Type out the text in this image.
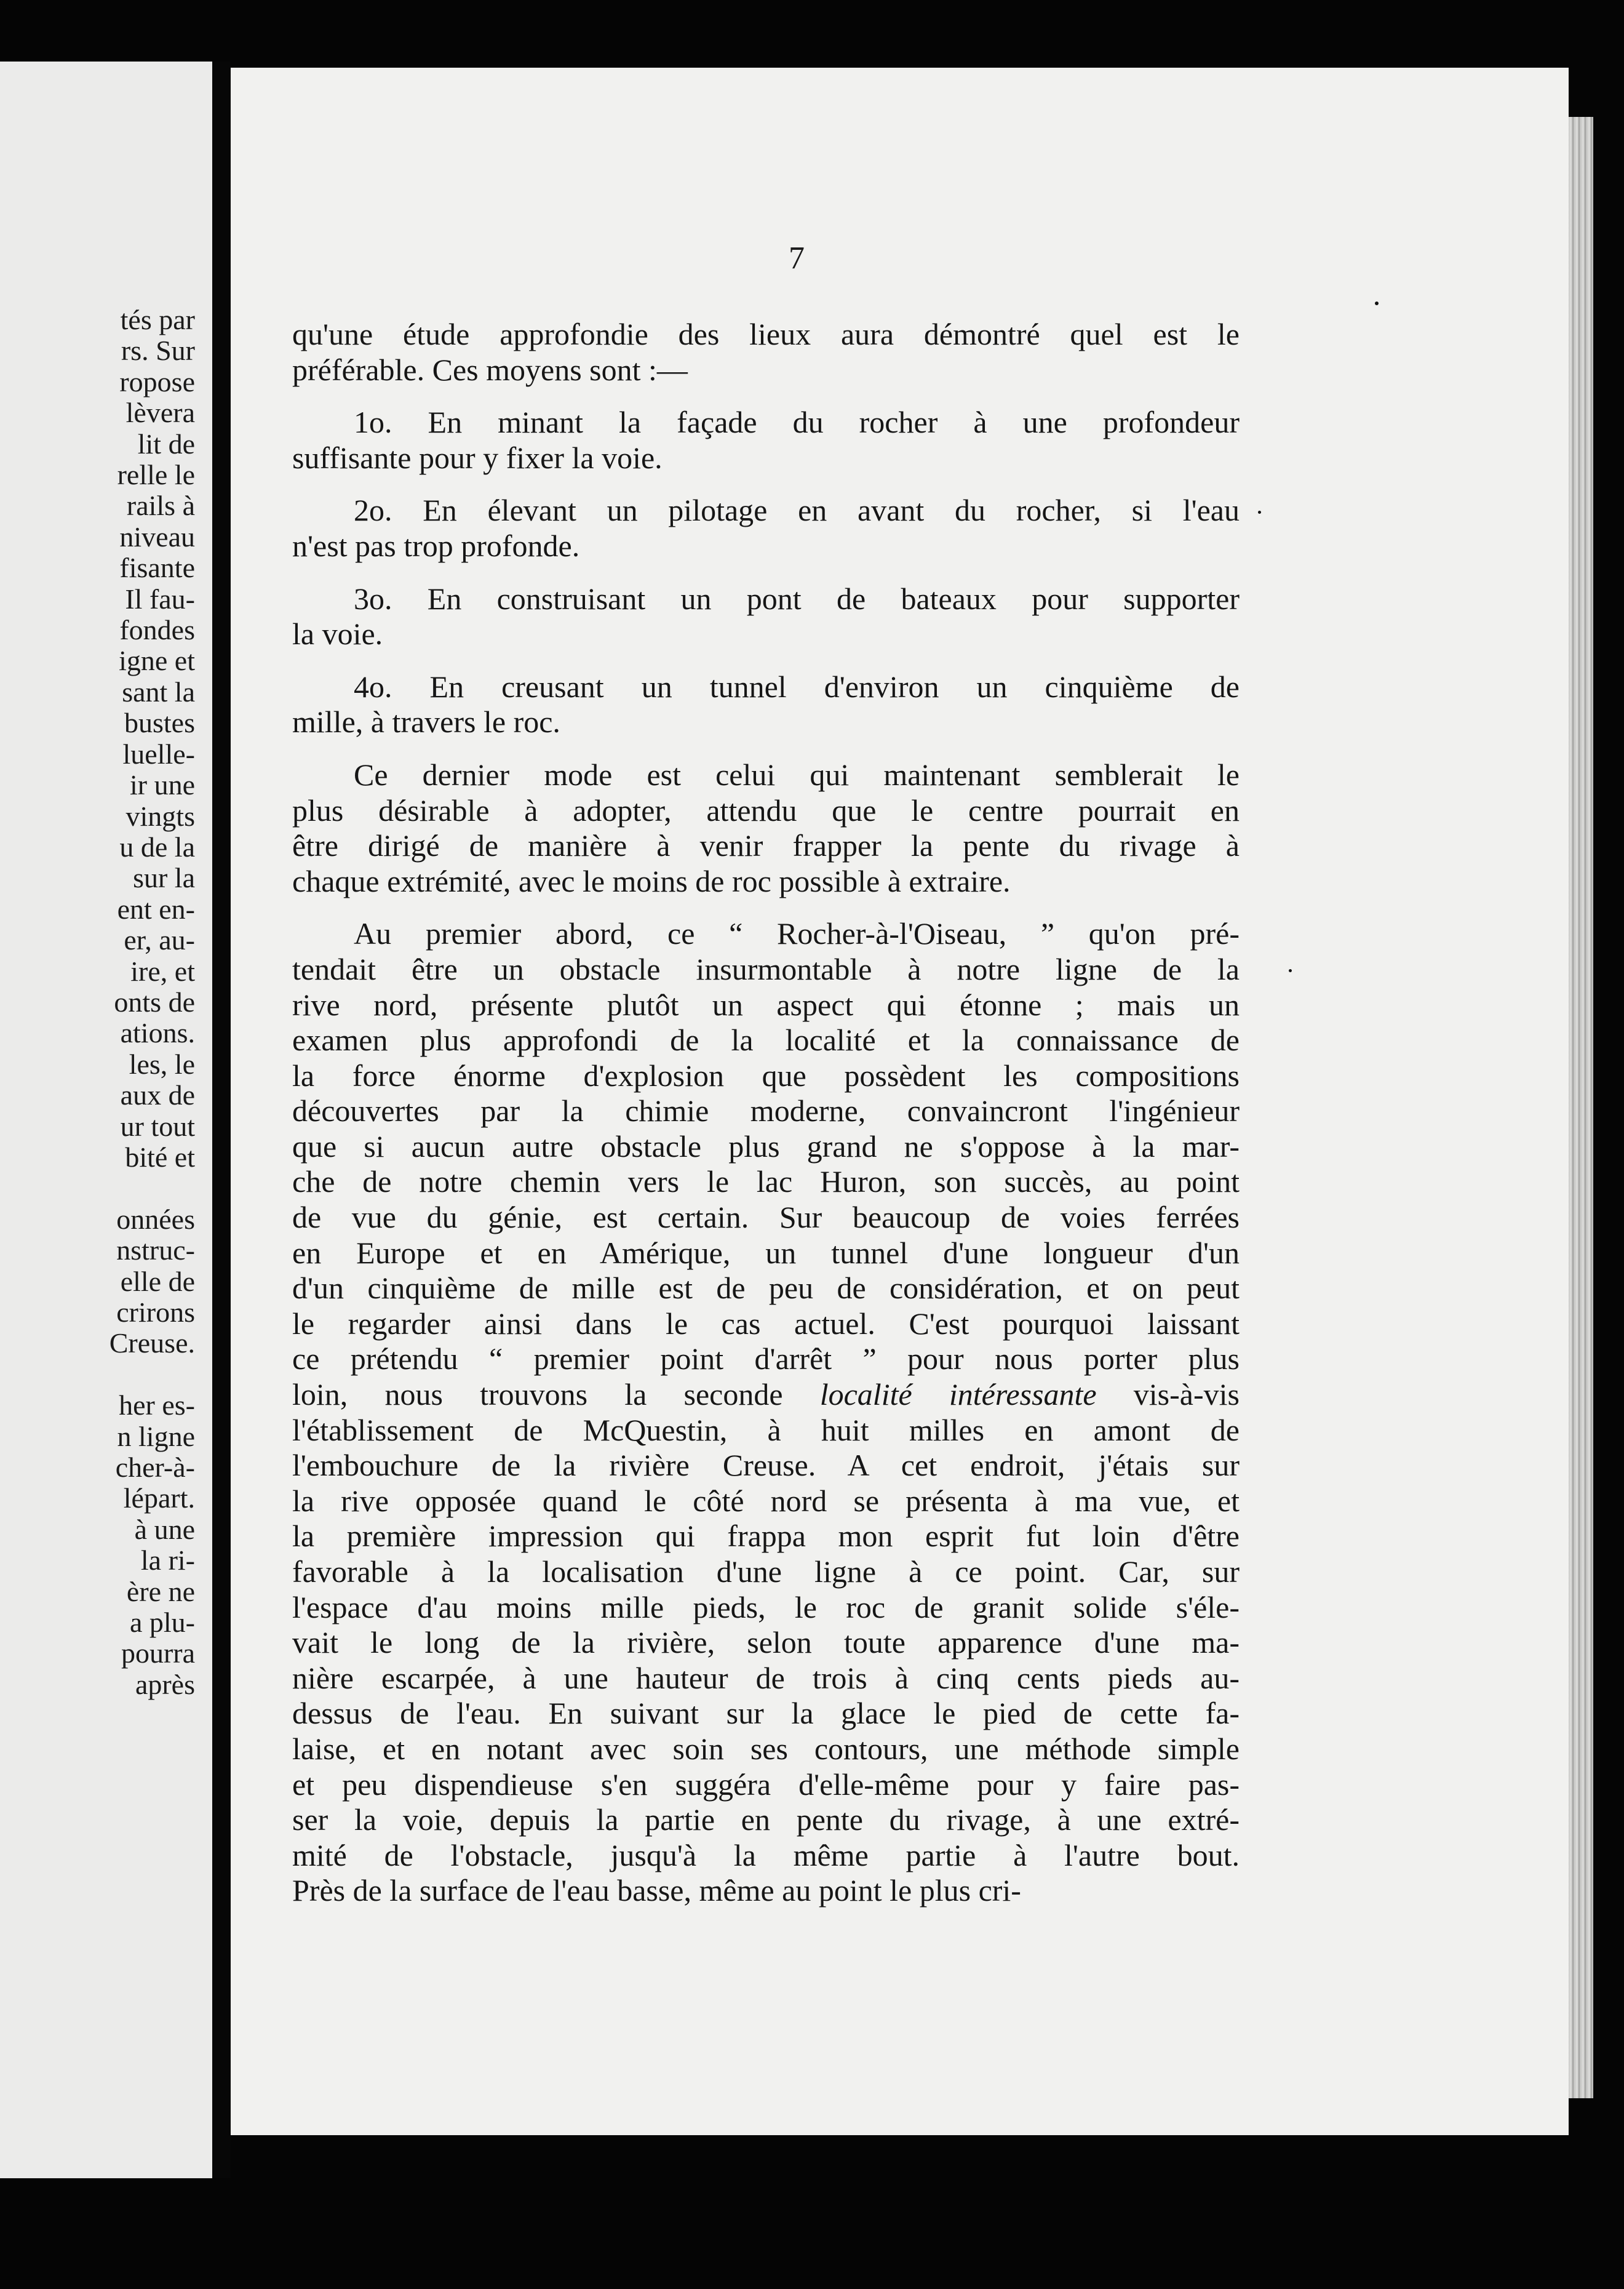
tés par
rs. Sur
ropose
lèvera
lit de
relle le
rails à
niveau
fisante
Il fau-
fondes
igne et
sant la
bustes
luelle-
ir une
vingts
u de la
sur la
ent en-
er, au-
ire, et
onts de
ations.
les, le
aux de
ur tout
bité et
onnées
nstruc-
elle de
crirons
Creuse.
her es-
n ligne
cher-à-
lépart.
à une
la ri-
ère ne
a plu-
pourra
après
7

qu'une étude approfondie des lieux aura démontré quel est le
préférable. Ces moyens sont :—

1o. En minant la façade du rocher à une profondeur
suffisante pour y fixer la voie.

2o. En élevant un pilotage en avant du rocher, si l'eau
n'est pas trop profonde.

3o. En construisant un pont de bateaux pour supporter
la voie.

4o. En creusant un tunnel d'environ un cinquième de
mille, à travers le roc.

Ce dernier mode est celui qui maintenant semblerait le
plus désirable à adopter, attendu que le centre pourrait en
être dirigé de manière à venir frapper la pente du rivage à
chaque extrémité, avec le moins de roc possible à extraire.

Au premier abord, ce “ Rocher-à-l'Oiseau, ” qu'on pré-
tendait être un obstacle insurmontable à notre ligne de la
rive nord, présente plutôt un aspect qui étonne ; mais un
examen plus approfondi de la localité et la connaissance de
la force énorme d'explosion que possèdent les compositions
découvertes par la chimie moderne, convaincront l'ingénieur
que si aucun autre obstacle plus grand ne s'oppose à la mar-
che de notre chemin vers le lac Huron, son succès, au point
de vue du génie, est certain. Sur beaucoup de voies ferrées
en Europe et en Amérique, un tunnel d'une longueur d'un
d'un cinquième de mille est de peu de considération, et on peut
le regarder ainsi dans le cas actuel. C'est pourquoi laissant
ce prétendu “ premier point d'arrêt ” pour nous porter plus
loin, nous trouvons la seconde localité intéressante vis-à-vis
l'établissement de McQuestin, à huit milles en amont de
l'embouchure de la rivière Creuse. A cet endroit, j'étais sur
la rive opposée quand le côté nord se présenta à ma vue, et
la première impression qui frappa mon esprit fut loin d'être
favorable à la localisation d'une ligne à ce point. Car, sur
l'espace d'au moins mille pieds, le roc de granit solide s'éle-
vait le long de la rivière, selon toute apparence d'une ma-
nière escarpée, à une hauteur de trois à cinq cents pieds au-
dessus de l'eau. En suivant sur la glace le pied de cette fa-
laise, et en notant avec soin ses contours, une méthode simple
et peu dispendieuse s'en suggéra d'elle-même pour y faire pas-
ser la voie, depuis la partie en pente du rivage, à une extré-
mité de l'obstacle, jusqu'à la même partie à l'autre bout.
Près de la surface de l'eau basse, même au point le plus cri-
